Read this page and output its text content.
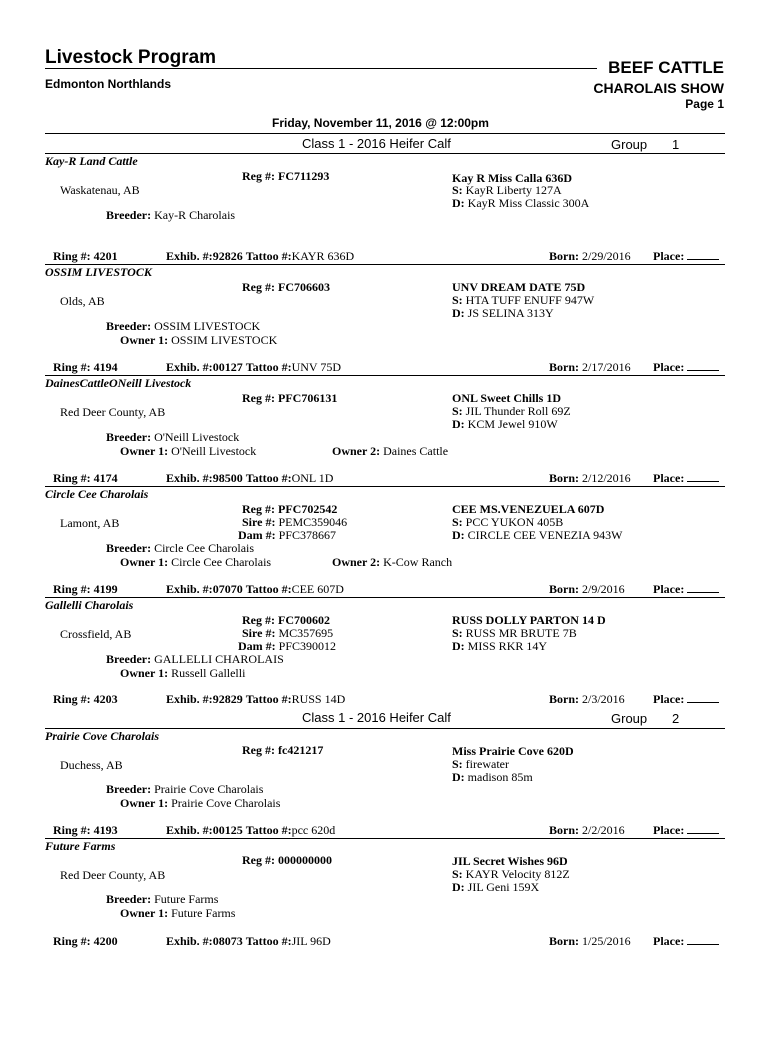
Livestock Program
Edmonton Northlands
BEEF CATTLE
CHAROLAIS SHOW
Page 1
Friday, November 11, 2016 @ 12:00pm
Class 1 - 2016 Heifer Calf	Group 1
Kay-R Land Cattle
Waskatenau, AB
Reg #: FC711293	Kay R Miss Calla 636D
S: KayR Liberty 127A
D: KayR Miss Classic 300A
Breeder: Kay-R Charolais
Ring #: 4201	Exhib. #:92826 Tattoo #:KAYR 636D	Born: 2/29/2016 Place:
OSSIM LIVESTOCK
Olds, AB
Reg #: FC706603	UNV DREAM DATE 75D
S: HTA TUFF ENUFF 947W
D: JS SELINA 313Y
Breeder: OSSIM LIVESTOCK
Owner 1: OSSIM LIVESTOCK
Ring #: 4194	Exhib. #:00127 Tattoo #:UNV 75D	Born: 2/17/2016 Place:
DainesCattleONeill Livestock
Red Deer County, AB
Reg #: PFC706131	ONL Sweet Chills 1D
S: JIL Thunder Roll 69Z
D: KCM Jewel 910W
Breeder: O'Neill Livestock
Owner 1: O'Neill Livestock	Owner 2: Daines Cattle
Ring #: 4174	Exhib. #:98500 Tattoo #:ONL 1D	Born: 2/12/2016 Place:
Circle Cee Charolais
Lamont, AB
Reg #: PFC702542
Sire #: PEMC359046
Dam #: PFC378667
CEE MS.VENEZUELA 607D
S: PCC YUKON 405B
D: CIRCLE CEE VENEZIA 943W
Breeder: Circle Cee Charolais
Owner 1: Circle Cee Charolais	Owner 2: K-Cow Ranch
Ring #: 4199	Exhib. #:07070 Tattoo #:CEE 607D	Born: 2/9/2016 Place:
Gallelli Charolais
Crossfield, AB
Reg #: FC700602
Sire #: MC357695
Dam #: PFC390012
RUSS DOLLY PARTON 14 D
S: RUSS MR BRUTE 7B
D: MISS RKR 14Y
Breeder: GALLELLI CHAROLAIS
Owner 1: Russell Gallelli
Ring #: 4203	Exhib. #:92829 Tattoo #:RUSS 14D	Born: 2/3/2016 Place:
Class 1 - 2016 Heifer Calf	Group 2
Prairie Cove Charolais
Duchess, AB
Reg #: fc421217	Miss Prairie Cove 620D
S: firewater
D: madison 85m
Breeder: Prairie Cove Charolais
Owner 1: Prairie Cove Charolais
Ring #: 4193	Exhib. #:00125 Tattoo #:pcc 620d	Born: 2/2/2016 Place:
Future Farms
Red Deer County, AB
Reg #: 000000000	JIL Secret Wishes 96D
S: KAYR Velocity 812Z
D: JIL Geni 159X
Breeder: Future Farms
Owner 1: Future Farms
Ring #: 4200	Exhib. #:08073 Tattoo #:JIL 96D	Born: 1/25/2016 Place:
